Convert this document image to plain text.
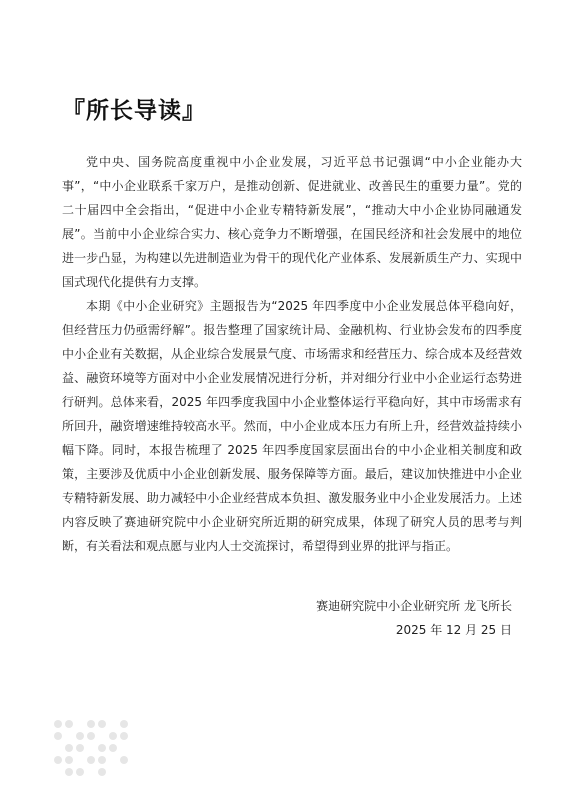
『所长导读』

党中央、国务院高度重视中小企业发展，习近平总书记强调“中小企业能办大事”，“中小企业联系千家万户，是推动创新、促进就业、改善民生的重要力量”。党的二十届四中全会指出，“促进中小企业专精特新发展”，“推动大中小企业协同融通发展”。当前中小企业综合实力、核心竞争力不断增强，在国民经济和社会发展中的地位进一步凸显，为构建以先进制造业为骨干的现代化产业体系、发展新质生产力、实现中国式现代化提供有力支撑。

本期《中小企业研究》主题报告为“2025 年四季度中小企业发展总体平稳向好，但经营压力仍亟需纾解”。报告整理了国家统计局、金融机构、行业协会发布的四季度中小企业有关数据，从企业综合发展景气度、市场需求和经营压力、综合成本及经营效益、融资环境等方面对中小企业发展情况进行分析，并对细分行业中小企业运行态势进行研判。总体来看，2025 年四季度我国中小企业整体运行平稳向好，其中市场需求有所回升，融资增速维持较高水平。然而，中小企业成本压力有所上升，经营效益持续小幅下降。同时，本报告梳理了 2025 年四季度国家层面出台的中小企业相关制度和政策，主要涉及优质中小企业创新发展、服务保障等方面。最后，建议加快推进中小企业专精特新发展、助力减轻中小企业经营成本负担、激发服务业中小企业发展活力。上述内容反映了赛迪研究院中小企业研究所近期的研究成果，体现了研究人员的思考与判断，有关看法和观点愿与业内人士交流探讨，希望得到业界的批评与指正。

赛迪研究院中小企业研究所 龙飞所长
2025 年 12 月 25 日
